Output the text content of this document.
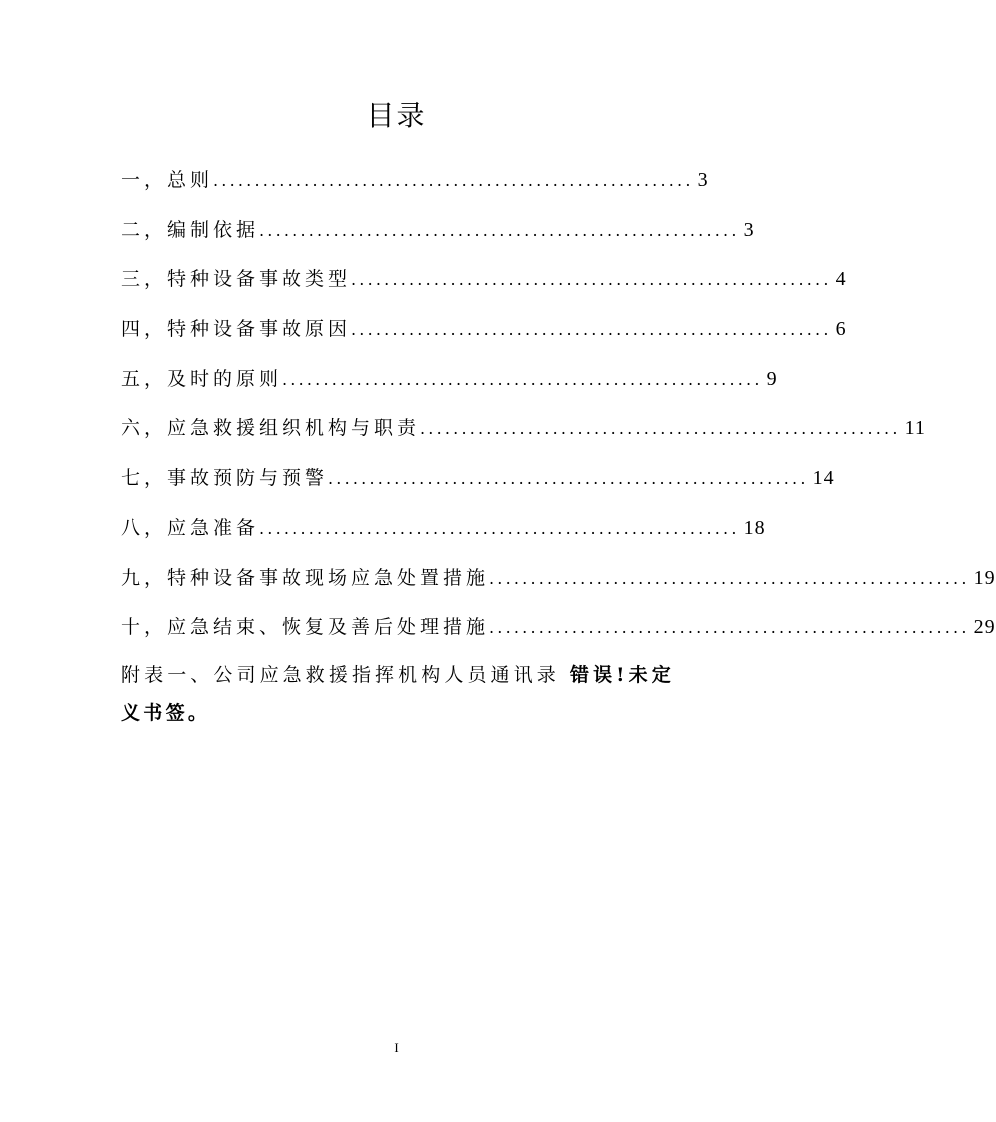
目录
一，总则 .......................................................... 3
二，编制依据 .......................................................... 3
三，特种设备事故类型 .......................................................... 4
四，特种设备事故原因 .......................................................... 6
五，及时的原则 .......................................................... 9
六，应急救援组织机构与职责 .......................................................... 11
七，事故预防与预警 .......................................................... 14
八，应急准备 .......................................................... 18
九，特种设备事故现场应急处置措施 .......................................................... 19
十，应急结束、恢复及善后处理措施 .......................................................... 29
附表一、公司应急救援指挥机构人员通讯录 错误!未定义书签。
I
